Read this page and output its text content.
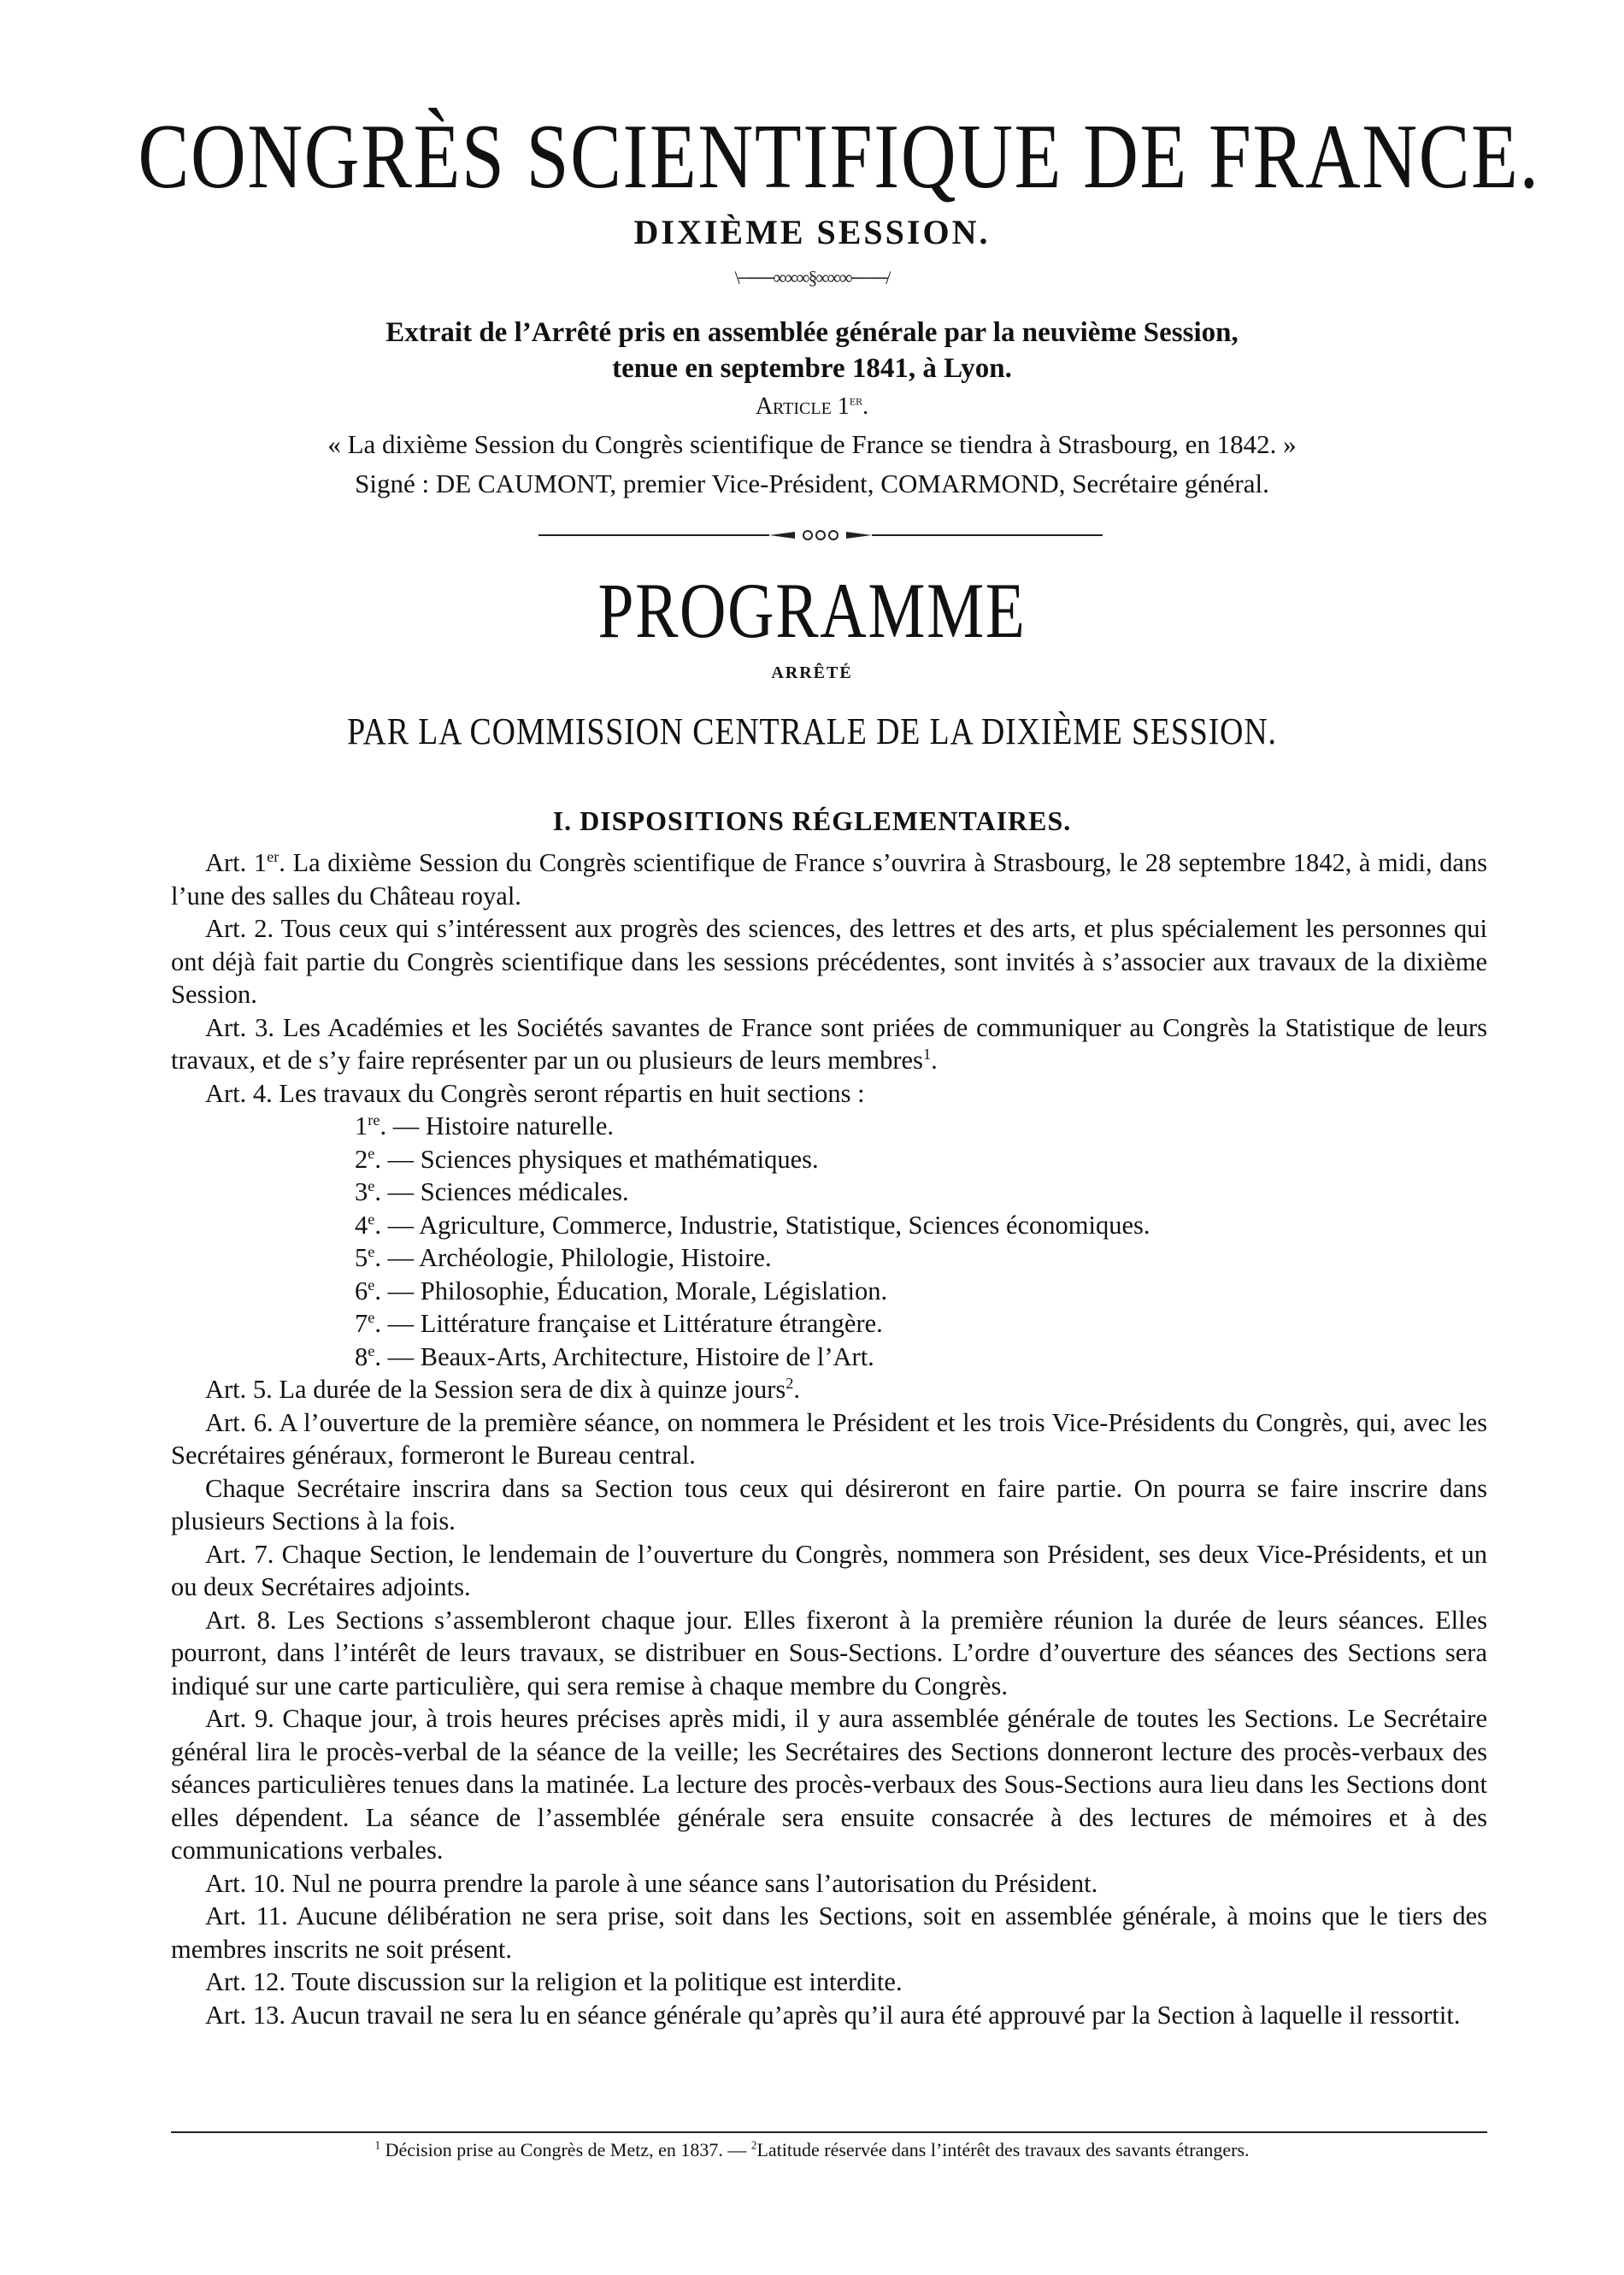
CONGRÈS SCIENTIFIQUE DE FRANCE.
DIXIÈME SESSION.
\───∞∞∞§∞∞∞───/
Extrait de l’Arrêté pris en assemblée générale par la neuvième Session,
tenue en septembre 1841, à Lyon.
Article 1er.
« La dixième Session du Congrès scientifique de France se tiendra à Strasbourg, en 1842. »
Signé : DE CAUMONT, premier Vice-Président, COMARMOND, Secrétaire général.
PROGRAMME
ARRÊTÉ
PAR LA COMMISSION CENTRALE DE LA DIXIÈME SESSION.
I. DISPOSITIONS RÉGLEMENTAIRES.

Art. 1er. La dixième Session du Congrès scientifique de France s’ouvrira à Strasbourg, le 28 septembre 1842, à midi, dans l’une des salles du Château royal.

Art. 2. Tous ceux qui s’intéressent aux progrès des sciences, des lettres et des arts, et plus spécialement les personnes qui ont déjà fait partie du Congrès scientifique dans les sessions précédentes, sont invités à s’associer aux travaux de la dixième Session.

Art. 3. Les Académies et les Sociétés savantes de France sont priées de communiquer au Congrès la Statistique de leurs travaux, et de s’y faire représenter par un ou plusieurs de leurs membres$^1$.

Art. 4. Les travaux du Congrès seront répartis en huit sections :

1re. — Histoire naturelle.
2e. — Sciences physiques et mathématiques.
3e. — Sciences médicales.
4e. — Agriculture, Commerce, Industrie, Statistique, Sciences économiques.
5e. — Archéologie, Philologie, Histoire.
6e. — Philosophie, Éducation, Morale, Législation.
7e. — Littérature française et Littérature étrangère.
8e. — Beaux-Arts, Architecture, Histoire de l’Art.

Art. 5. La durée de la Session sera de dix à quinze jours$^2$.

Art. 6. A l’ouverture de la première séance, on nommera le Président et les trois Vice-Présidents du Congrès, qui, avec les Secrétaires généraux, formeront le Bureau central.

Chaque Secrétaire inscrira dans sa Section tous ceux qui désireront en faire partie. On pourra se faire inscrire dans plusieurs Sections à la fois.

Art. 7. Chaque Section, le lendemain de l’ouverture du Congrès, nommera son Président, ses deux Vice-Présidents, et un ou deux Secrétaires adjoints.

Art. 8. Les Sections s’assembleront chaque jour. Elles fixeront à la première réunion la durée de leurs séances. Elles pourront, dans l’intérêt de leurs travaux, se distribuer en Sous-Sections. L’ordre d’ouverture des séances des Sections sera indiqué sur une carte particulière, qui sera remise à chaque membre du Congrès.

Art. 9. Chaque jour, à trois heures précises après midi, il y aura assemblée générale de toutes les Sections. Le Secrétaire général lira le procès-verbal de la séance de la veille; les Secrétaires des Sections donneront lecture des procès-verbaux des séances particulières tenues dans la matinée. La lecture des procès-verbaux des Sous-Sections aura lieu dans les Sections dont elles dépendent. La séance de l’assemblée générale sera ensuite consacrée à des lectures de mémoires et à des communications verbales.

Art. 10. Nul ne pourra prendre la parole à une séance sans l’autorisation du Président.

Art. 11. Aucune délibération ne sera prise, soit dans les Sections, soit en assemblée générale, à moins que le tiers des membres inscrits ne soit présent.

Art. 12. Toute discussion sur la religion et la politique est interdite.

Art. 13. Aucun travail ne sera lu en séance générale qu’après qu’il aura été approuvé par la Section à laquelle il ressortit.

$^1$ Décision prise au Congrès de Metz, en 1837. — $^2$Latitude réservée dans l’intérêt des travaux des savants étrangers.
